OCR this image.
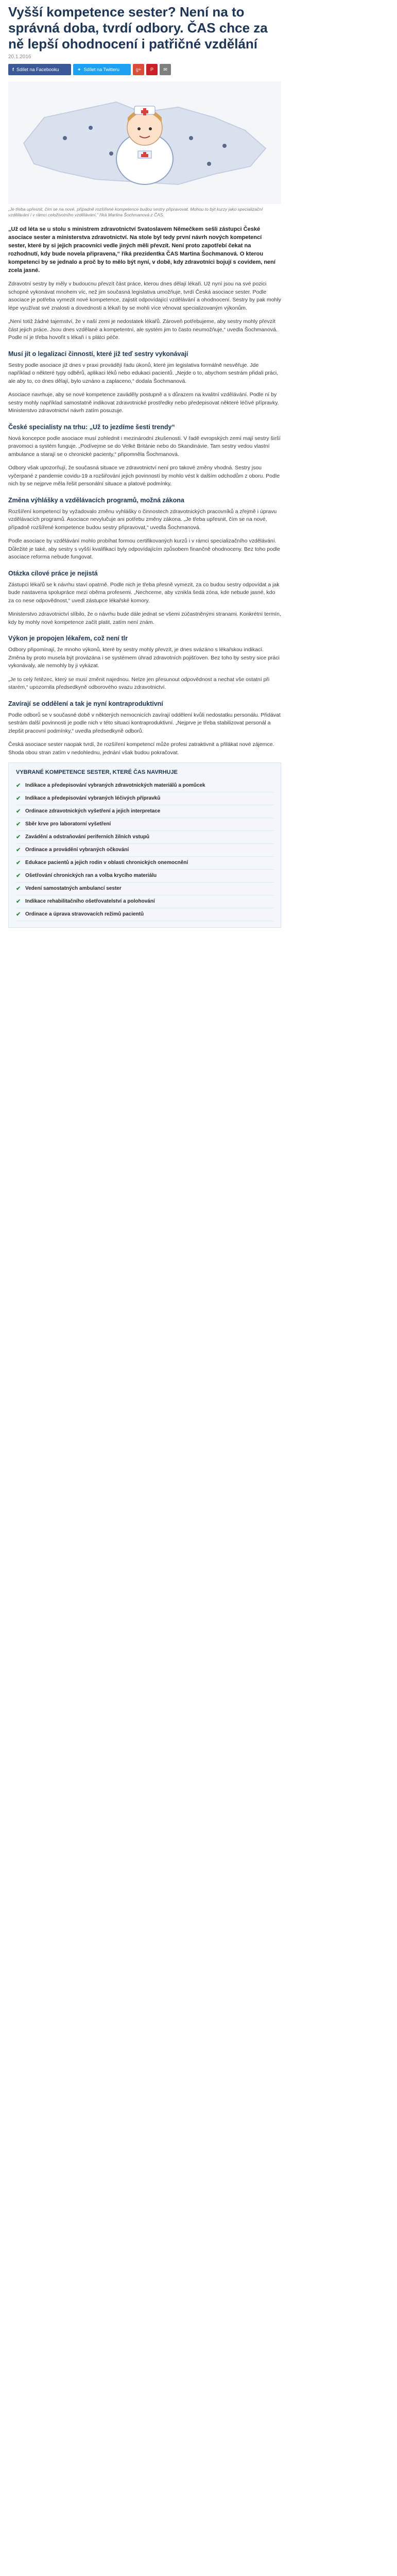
Vyšší kompetence sester? Není na to správná doba, tvrdí odbory. ČAS chce za ně lepší ohodnocení i patřičné vzdělání
20.1.2016
f Sdílet na Facebooku	✦ Sdílet na Twitteru	g+ P ✉
„Je třeba upřesnit, čím se na nové, případně rozšířené kompetence budou sestry připravovat. Mohou to být kurzy jako specializační vzdělávání i v rámci celoživotního vzdělávání,“ říká Martina Šochmanová z ČAS.

„Už od léta se u stolu s ministrem zdravotnictví Svatoslavem Němečkem sešli zástupci České asociace sester a ministerstva zdravotnictví. Na stole byl tedy první návrh nových kompetencí sester, které by si jejich pracovníci vedle jiných měli převzít. Není proto zapotřebí čekat na rozhodnutí, kdy bude novela připravena,“ říká prezidentka ČAS Martina Šochmanová. O kterou kompetenci by se jednalo a proč by to mělo být nyní, v době, kdy zdravotníci bojují s covidem, není zcela jasné.

Zdravotní sestry by měly v budoucnu převzít část práce, kterou dnes dělají lékaři. Už nyní jsou na své pozici schopné vykonávat mnohem víc, než jim současná legislativa umožňuje, tvrdí Česká asociace sester. Podle asociace je potřeba vymezit nové kompetence, zajistit odpovídající vzdělávání a ohodnocení. Sestry by pak mohly lépe využívat své znalosti a dovednosti a lékaři by se mohli více věnovat specializovaným výkonům.

„Není totiž žádné tajemství, že v naší zemi je nedostatek lékařů. Zároveň potřebujeme, aby sestry mohly převzít část jejich práce. Jsou dnes vzdělané a kompetentní, ale systém jim to často neumožňuje,“ uvedla Šochmanová. Podle ní je třeba hovořit s lékaři i s plátci péče.

Musí jít o legalizaci činností, které již teď sestry vykonávají

Sestry podle asociace již dnes v praxi provádějí řadu úkonů, které jim legislativa formálně nesvěřuje. Jde například o některé typy odběrů, aplikaci léků nebo edukaci pacientů. „Nejde o to, abychom sestrám přidali práci, ale aby to, co dnes dělají, bylo uznáno a zaplaceno,“ dodala Šochmanová.

Asociace navrhuje, aby se nové kompetence zaváděly postupně a s důrazem na kvalitní vzdělávání. Podle ní by sestry mohly například samostatně indikovat zdravotnické prostředky nebo předepisovat některé léčivé přípravky. Ministerstvo zdravotnictví návrh zatím posuzuje.

České specialisty na trhu: „Už to jezdíme šesti trendy“

Nová koncepce podle asociace musí zohlednit i mezinárodní zkušenosti. V řadě evropských zemí mají sestry širší pravomoci a systém funguje. „Podívejme se do Velké Británie nebo do Skandinávie. Tam sestry vedou vlastní ambulance a starají se o chronické pacienty,“ připomněla Šochmanová.

Odbory však upozorňují, že současná situace ve zdravotnictví není pro takové změny vhodná. Sestry jsou vyčerpané z pandemie covidu-19 a rozšiřování jejich povinností by mohlo vést k dalším odchodům z oboru. Podle nich by se nejprve měla řešit personální situace a platové podmínky.

Změna výhlášky a vzdělávacích programů, možná zákona

Rozšíření kompetencí by vyžadovalo změnu vyhlášky o činnostech zdravotnických pracovníků a zřejmě i úpravu vzdělávacích programů. Asociace nevylučuje ani potřebu změny zákona. „Je třeba upřesnit, čím se na nové, případně rozšířené kompetence budou sestry připravovat,“ uvedla Šochmanová.

Podle asociace by vzdělávání mohlo probíhat formou certifikovaných kurzů i v rámci specializačního vzdělávání. Důležité je také, aby sestry s vyšší kvalifikací byly odpovídajícím způsobem finančně ohodnoceny. Bez toho podle asociace reforma nebude fungovat.

Otázka cílové práce je nejistá

Zástupci lékařů se k návrhu staví opatrně. Podle nich je třeba přesně vymezit, za co budou sestry odpovídat a jak bude nastavena spolupráce mezi oběma profesemi. „Nechceme, aby vznikla šedá zóna, kde nebude jasné, kdo za co nese odpovědnost,“ uvedl zástupce lékařské komory.

Ministerstvo zdravotnictví slíbilo, že o návrhu bude dále jednat se všemi zúčastněnými stranami. Konkrétní termín, kdy by mohly nové kompetence začít platit, zatím není znám.

Výkon je propojen lékařem, což není tlr

Odbory připomínají, že mnoho výkonů, které by sestry mohly převzít, je dnes svázáno s lékařskou indikací. Změna by proto musela být provázána i se systémem úhrad zdravotních pojišťoven. Bez toho by sestry sice práci vykonávaly, ale nemohly by ji vykázat.

„Je to celý řetězec, který se musí změnit najednou. Nelze jen přesunout odpovědnost a nechat vše ostatní při starém,“ upozornila předsedkyně odborového svazu zdravotnictví.

Zavírají se oddělení a tak je nyní kontraproduktivní

Podle odborů se v současné době v některých nemocnicích zavírají oddělení kvůli nedostatku personálu. Přidávat sestrám další povinnosti je podle nich v této situaci kontraproduktivní. „Nejprve je třeba stabilizovat personál a zlepšit pracovní podmínky,“ uvedla předsedkyně odborů.

Česká asociace sester naopak tvrdí, že rozšíření kompetencí může profesi zatraktivnit a přilákat nové zájemce. Shoda obou stran zatím v nedohlednu, jednání však budou pokračovat.

VYBRANÉ KOMPETENCE SESTER, KTERÉ ČAS NAVRHUJE
✔ Indikace a předepisování vybraných zdravotnických materiálů a pomůcek
✔ Indikace a předepisování vybraných léčivých přípravků
✔ Ordinace zdravotnických vyšetření a jejich interpretace
✔ Sběr krve pro laboratorní vyšetření
✔ Zavádění a odstraňování periferních žilních vstupů
✔ Ordinace a provádění vybraných očkování
✔ Edukace pacientů a jejich rodin v oblasti chronických onemocnění
✔ Ošetřování chronických ran a volba krycího materiálu
✔ Vedení samostatných ambulancí sester
✔ Indikace rehabilitačního ošetřovatelství a polohování
✔ Ordinace a úprava stravovacích režimů pacientů
